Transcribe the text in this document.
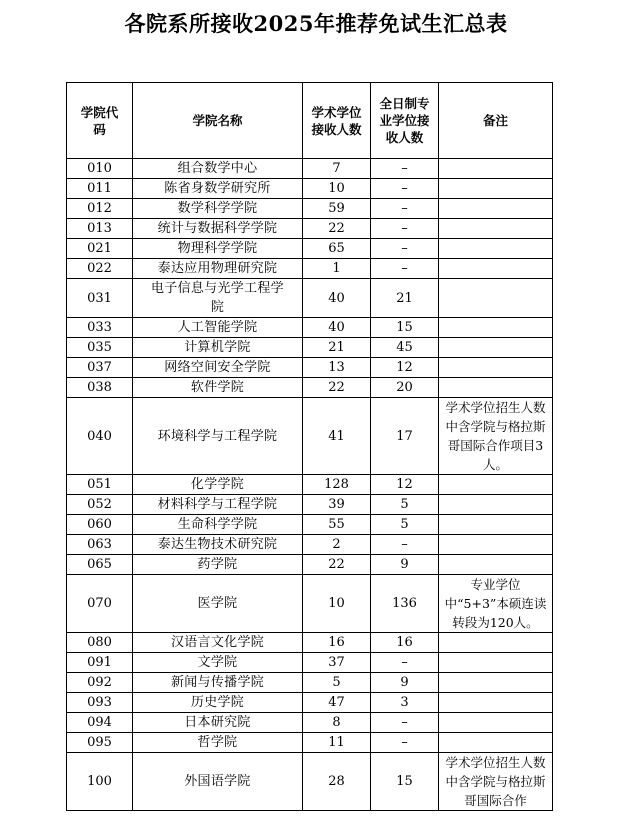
各院系所接收2025年推荐免试生汇总表
学院代码	学院名称	学术学位接收人数	全日制专业学位接收人数	备注
010	组合数学中心	7	–	
011	陈省身数学研究所	10	–	
012	数学科学学院	59	–	
013	统计与数据科学学院	22	–	
021	物理科学学院	65	–	
022	泰达应用物理研究院	1	–	
031	电子信息与光学工程学院	40	21	
033	人工智能学院	40	15	
035	计算机学院	21	45	
037	网络空间安全学院	13	12	
038	软件学院	22	20	
040	环境科学与工程学院	41	17	学术学位招生人数中含学院与格拉斯哥国际合作项目3人。
051	化学学院	128	12	
052	材料科学与工程学院	39	5	
060	生命科学学院	55	5	
063	泰达生物技术研究院	2	–	
065	药学院	22	9	
070	医学院	10	136	专业学位中“5+3”本硕连读转段为120人。
080	汉语言文化学院	16	16	
091	文学院	37	–	
092	新闻与传播学院	5	9	
093	历史学院	47	3	
094	日本研究院	8	–	
095	哲学院	11	–	
100	外国语学院	28	15	学术学位招生人数中含学院与格拉斯哥国际合作
